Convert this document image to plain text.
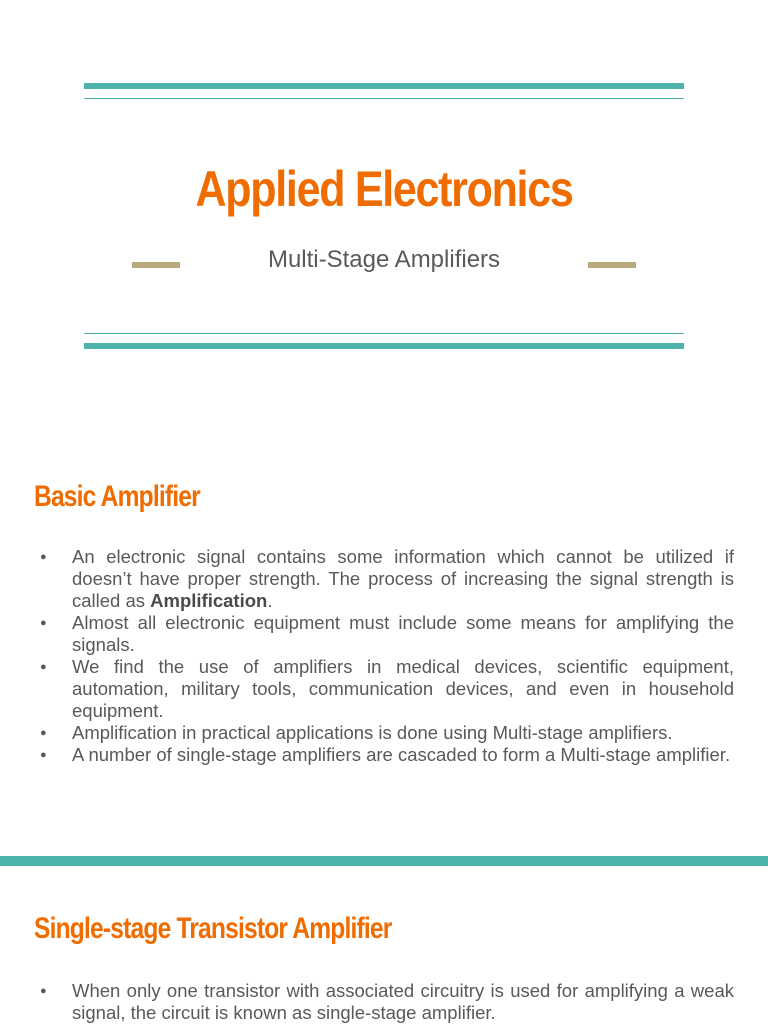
Applied Electronics
Multi-Stage Amplifiers
Basic Amplifier
● An electronic signal contains some information which cannot be utilized if doesn’t have proper strength. The process of increasing the signal strength is called as Amplification.
● Almost all electronic equipment must include some means for amplifying the signals.
● We find the use of amplifiers in medical devices, scientific equipment, automation, military tools, communication devices, and even in household equipment.
● Amplification in practical applications is done using Multi-stage amplifiers.
● A number of single-stage amplifiers are cascaded to form a Multi-stage amplifier.
Single-stage Transistor Amplifier
● When only one transistor with associated circuitry is used for amplifying a weak signal, the circuit is known as single-stage amplifier.
